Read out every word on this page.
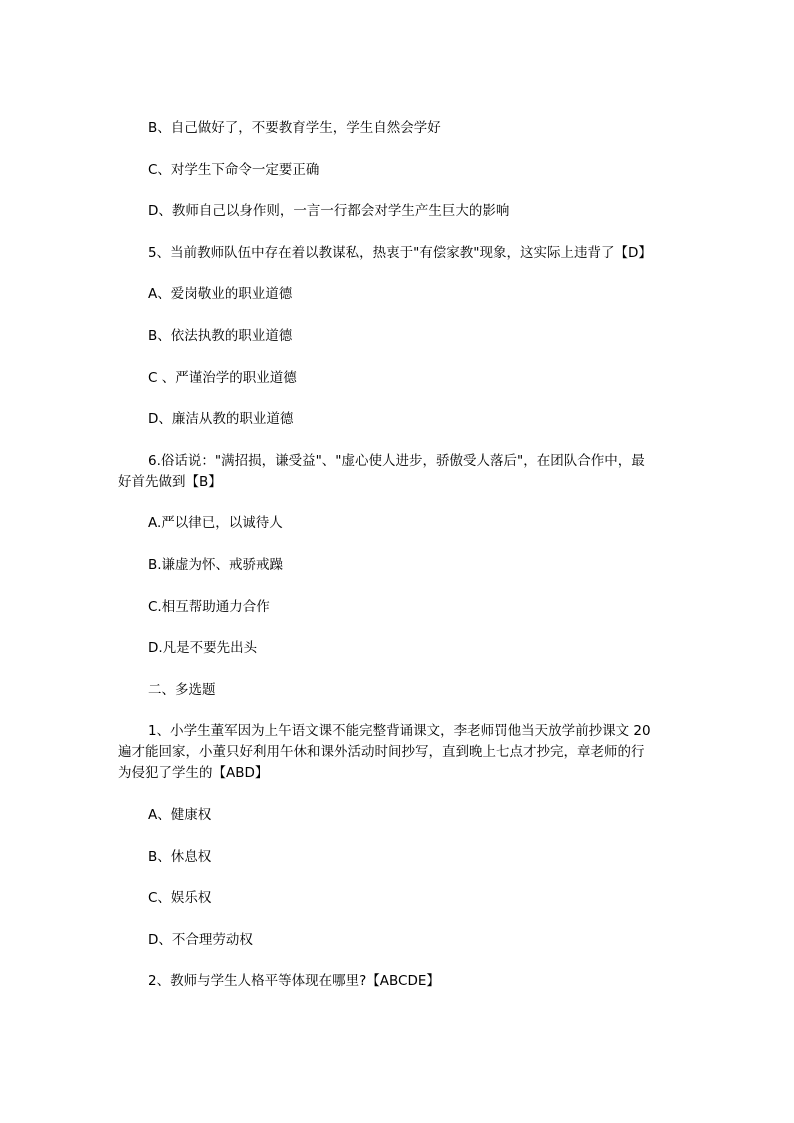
B、自己做好了，不要教育学生，学生自然会学好

C、对学生下命令一定要正确

D、教师自己以身作则，一言一行都会对学生产生巨大的影响

5、当前教师队伍中存在着以教谋私，热衷于"有偿家教"现象，这实际上违背了【D】

A、爱岗敬业的职业道德

B、依法执教的职业道德

C 、严谨治学的职业道德

D、廉洁从教的职业道德

6.俗话说："满招损，谦受益"、"虚心使人进步，骄傲受人落后"，在团队合作中，最
好首先做到【B】

A.严以律已，以诚待人

B.谦虚为怀、戒骄戒躁

C.相互帮助通力合作

D.凡是不要先出头

二、多选题

1、小学生董军因为上午语文课不能完整背诵课文，李老师罚他当天放学前抄课文 20
遍才能回家，小董只好利用午休和课外活动时间抄写，直到晚上七点才抄完，章老师的行
为侵犯了学生的【ABD】

A、健康权

B、休息权

C、娱乐权

D、不合理劳动权

2、教师与学生人格平等体现在哪里?【ABCDE】
